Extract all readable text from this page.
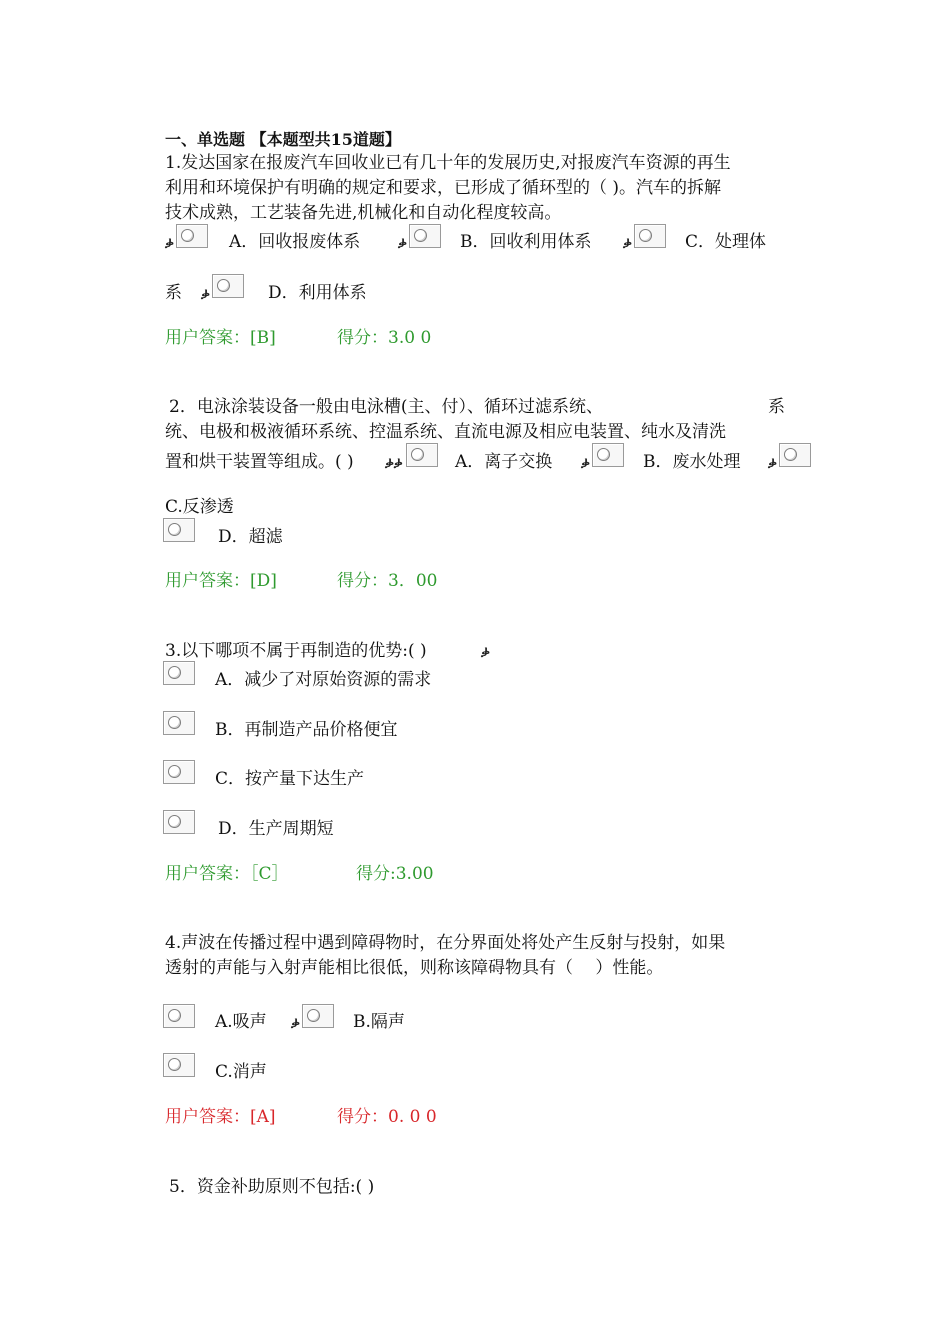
一、单选题 【本题型共15道题】
1.发达国家在报废汽车回收业已有几十年的发展历史,对报废汽车资源的再生
利用和环境保护有明确的规定和要求，已形成了循环型的（ )。汽车的拆解
技术成熟，工艺装备先进,机械化和自动化程度较高。
ቃ	A．回收报废体系	ቃ	B．回收利用体系	ቃ	C．处理体
系 ቃ	D．利用体系
用户答案：[B]	得分：3.0 0
2．电泳涂装设备一般由电泳槽(主、付）、循环过滤系统、	系
统、电极和极液循环系统、控温系统、直流电源及相应电装置、纯水及清洗
置和烘干装置等组成。( )	ቃቃ	A．离子交换 ቃ	B．废水处理 ቃ
C.反渗透
D．超滤
用户答案：[D]	得分：3．00
3.以下哪项不属于再制造的优势:( )	ቃ
A．减少了对原始资源的需求
B．再制造产品价格便宜
C．按产量下达生产
D．生产周期短
用户答案：［C］	得分:3.00
4.声波在传播过程中遇到障碍物时，在分界面处将处产生反射与投射，如果
透射的声能与入射声能相比很低，则称该障碍物具有（　 ）性能。
A.吸声 ቃ	B.隔声
C.消声
用户答案：[A]	得分：0. 0 0
5．资金补助原则不包括:( )
